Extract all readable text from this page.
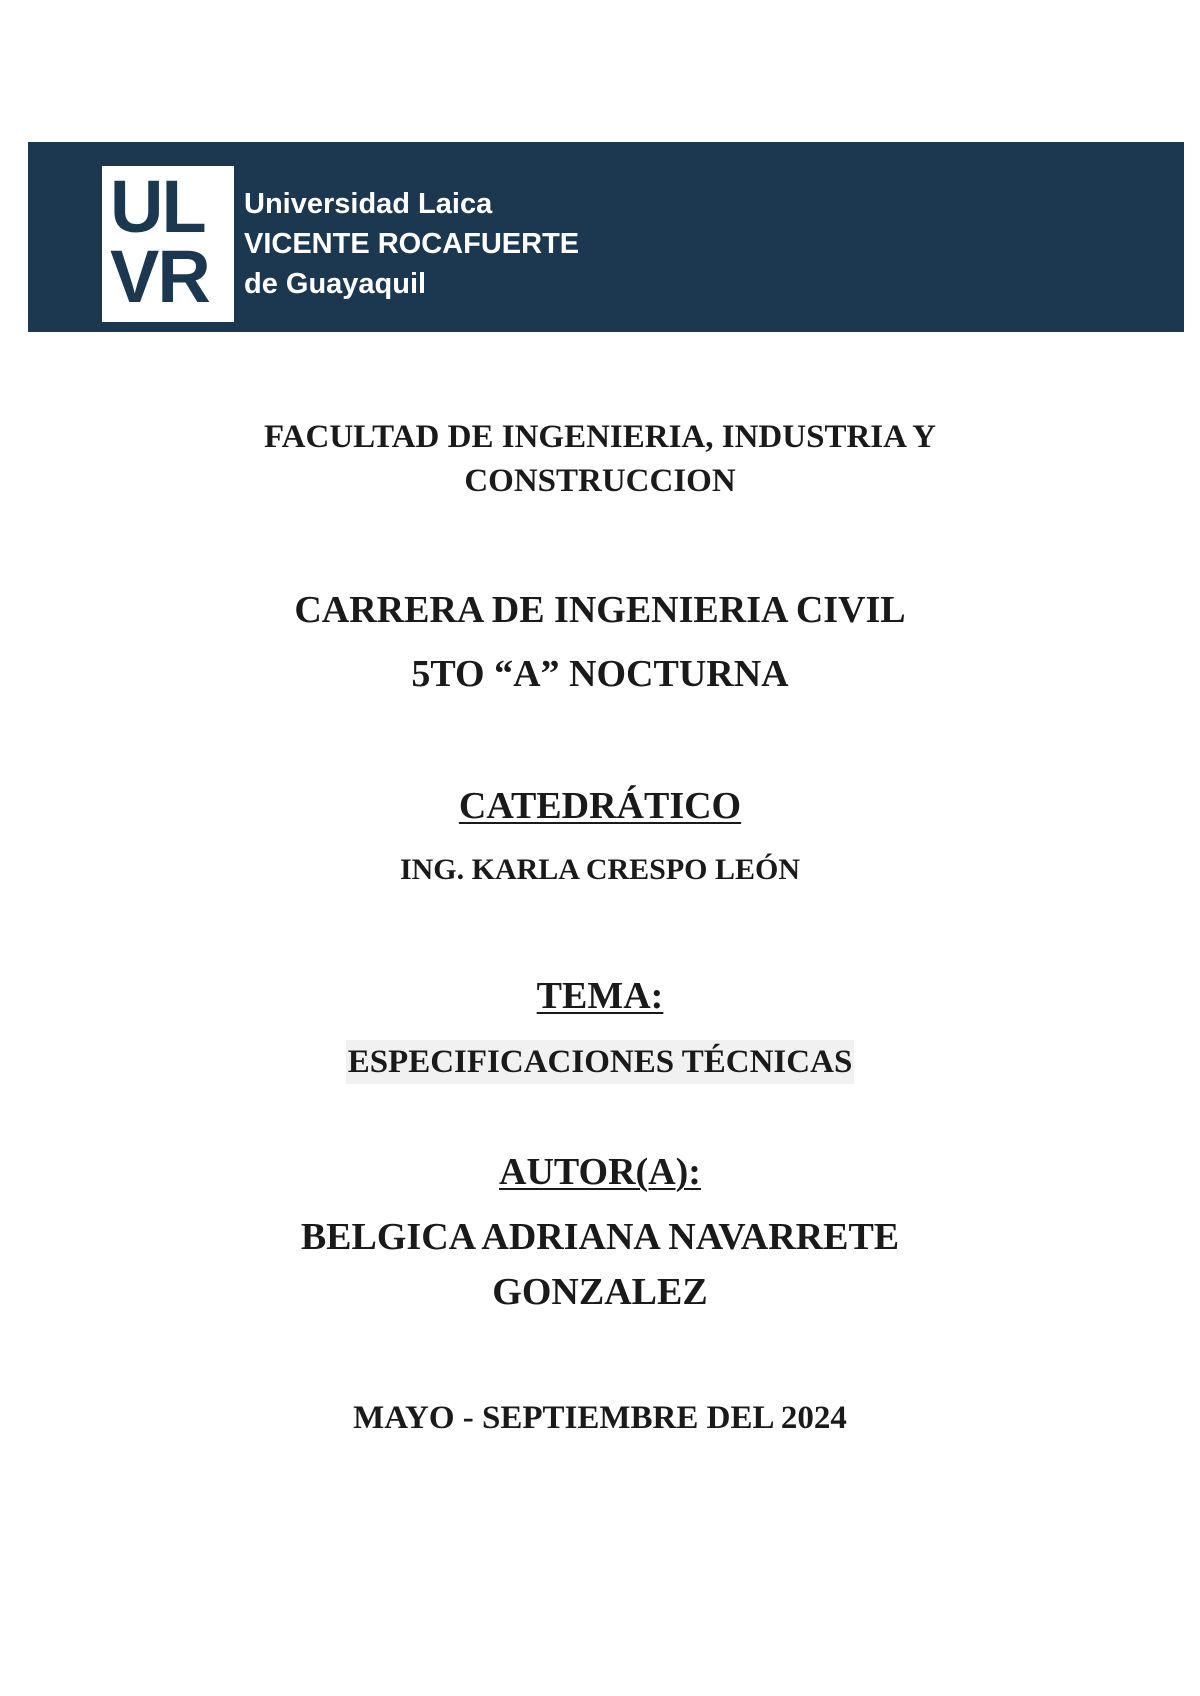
UL
VR
Universidad Laica
VICENTE ROCAFUERTE
de Guayaquil
FACULTAD DE INGENIERIA, INDUSTRIA Y
CONSTRUCCION
CARRERA DE INGENIERIA CIVIL
5TO “A” NOCTURNA
CATEDRÁTICO
ING. KARLA CRESPO LEÓN
TEMA:
ESPECIFICACIONES TÉCNICAS
AUTOR(A):
BELGICA ADRIANA NAVARRETE
GONZALEZ
MAYO - SEPTIEMBRE DEL 2024
